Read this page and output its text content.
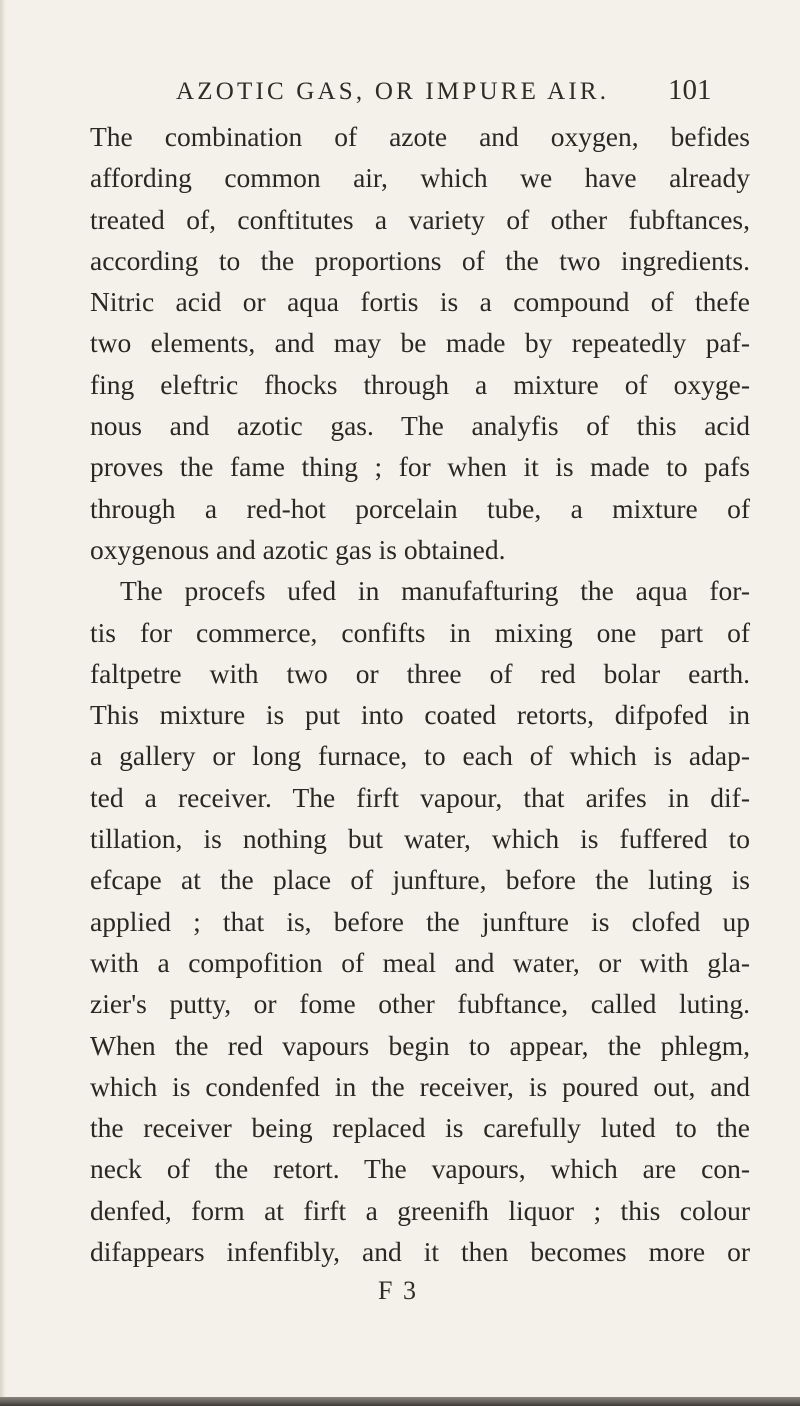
AZOTIC GAS, OR IMPURE AIR.	101
The combination of azote and oxygen, befides
affording common air, which we have already
treated of, conftitutes a variety of other fubftances,
according to the proportions of the two ingredients.
Nitric acid or aqua fortis is a compound of thefe
two elements, and may be made by repeatedly paf-
fing eleftric fhocks through a mixture of oxyge-
nous and azotic gas. The analyfis of this acid
proves the fame thing ; for when it is made to pafs
through a red-hot porcelain tube, a mixture of
oxygenous and azotic gas is obtained.
The procefs ufed in manufafturing the aqua for-
tis for commerce, confifts in mixing one part of
faltpetre with two or three of red bolar earth.
This mixture is put into coated retorts, difpofed in
a gallery or long furnace, to each of which is adap-
ted a receiver. The firft vapour, that arifes in dif-
tillation, is nothing but water, which is fuffered to
efcape at the place of junfture, before the luting is
applied ; that is, before the junfture is clofed up
with a compofition of meal and water, or with gla-
zier's putty, or fome other fubftance, called luting.
When the red vapours begin to appear, the phlegm,
which is condenfed in the receiver, is poured out, and
the receiver being replaced is carefully luted to the
neck of the retort. The vapours, which are con-
denfed, form at firft a greenifh liquor ; this colour
difappears infenfibly, and it then becomes more or
F 3
